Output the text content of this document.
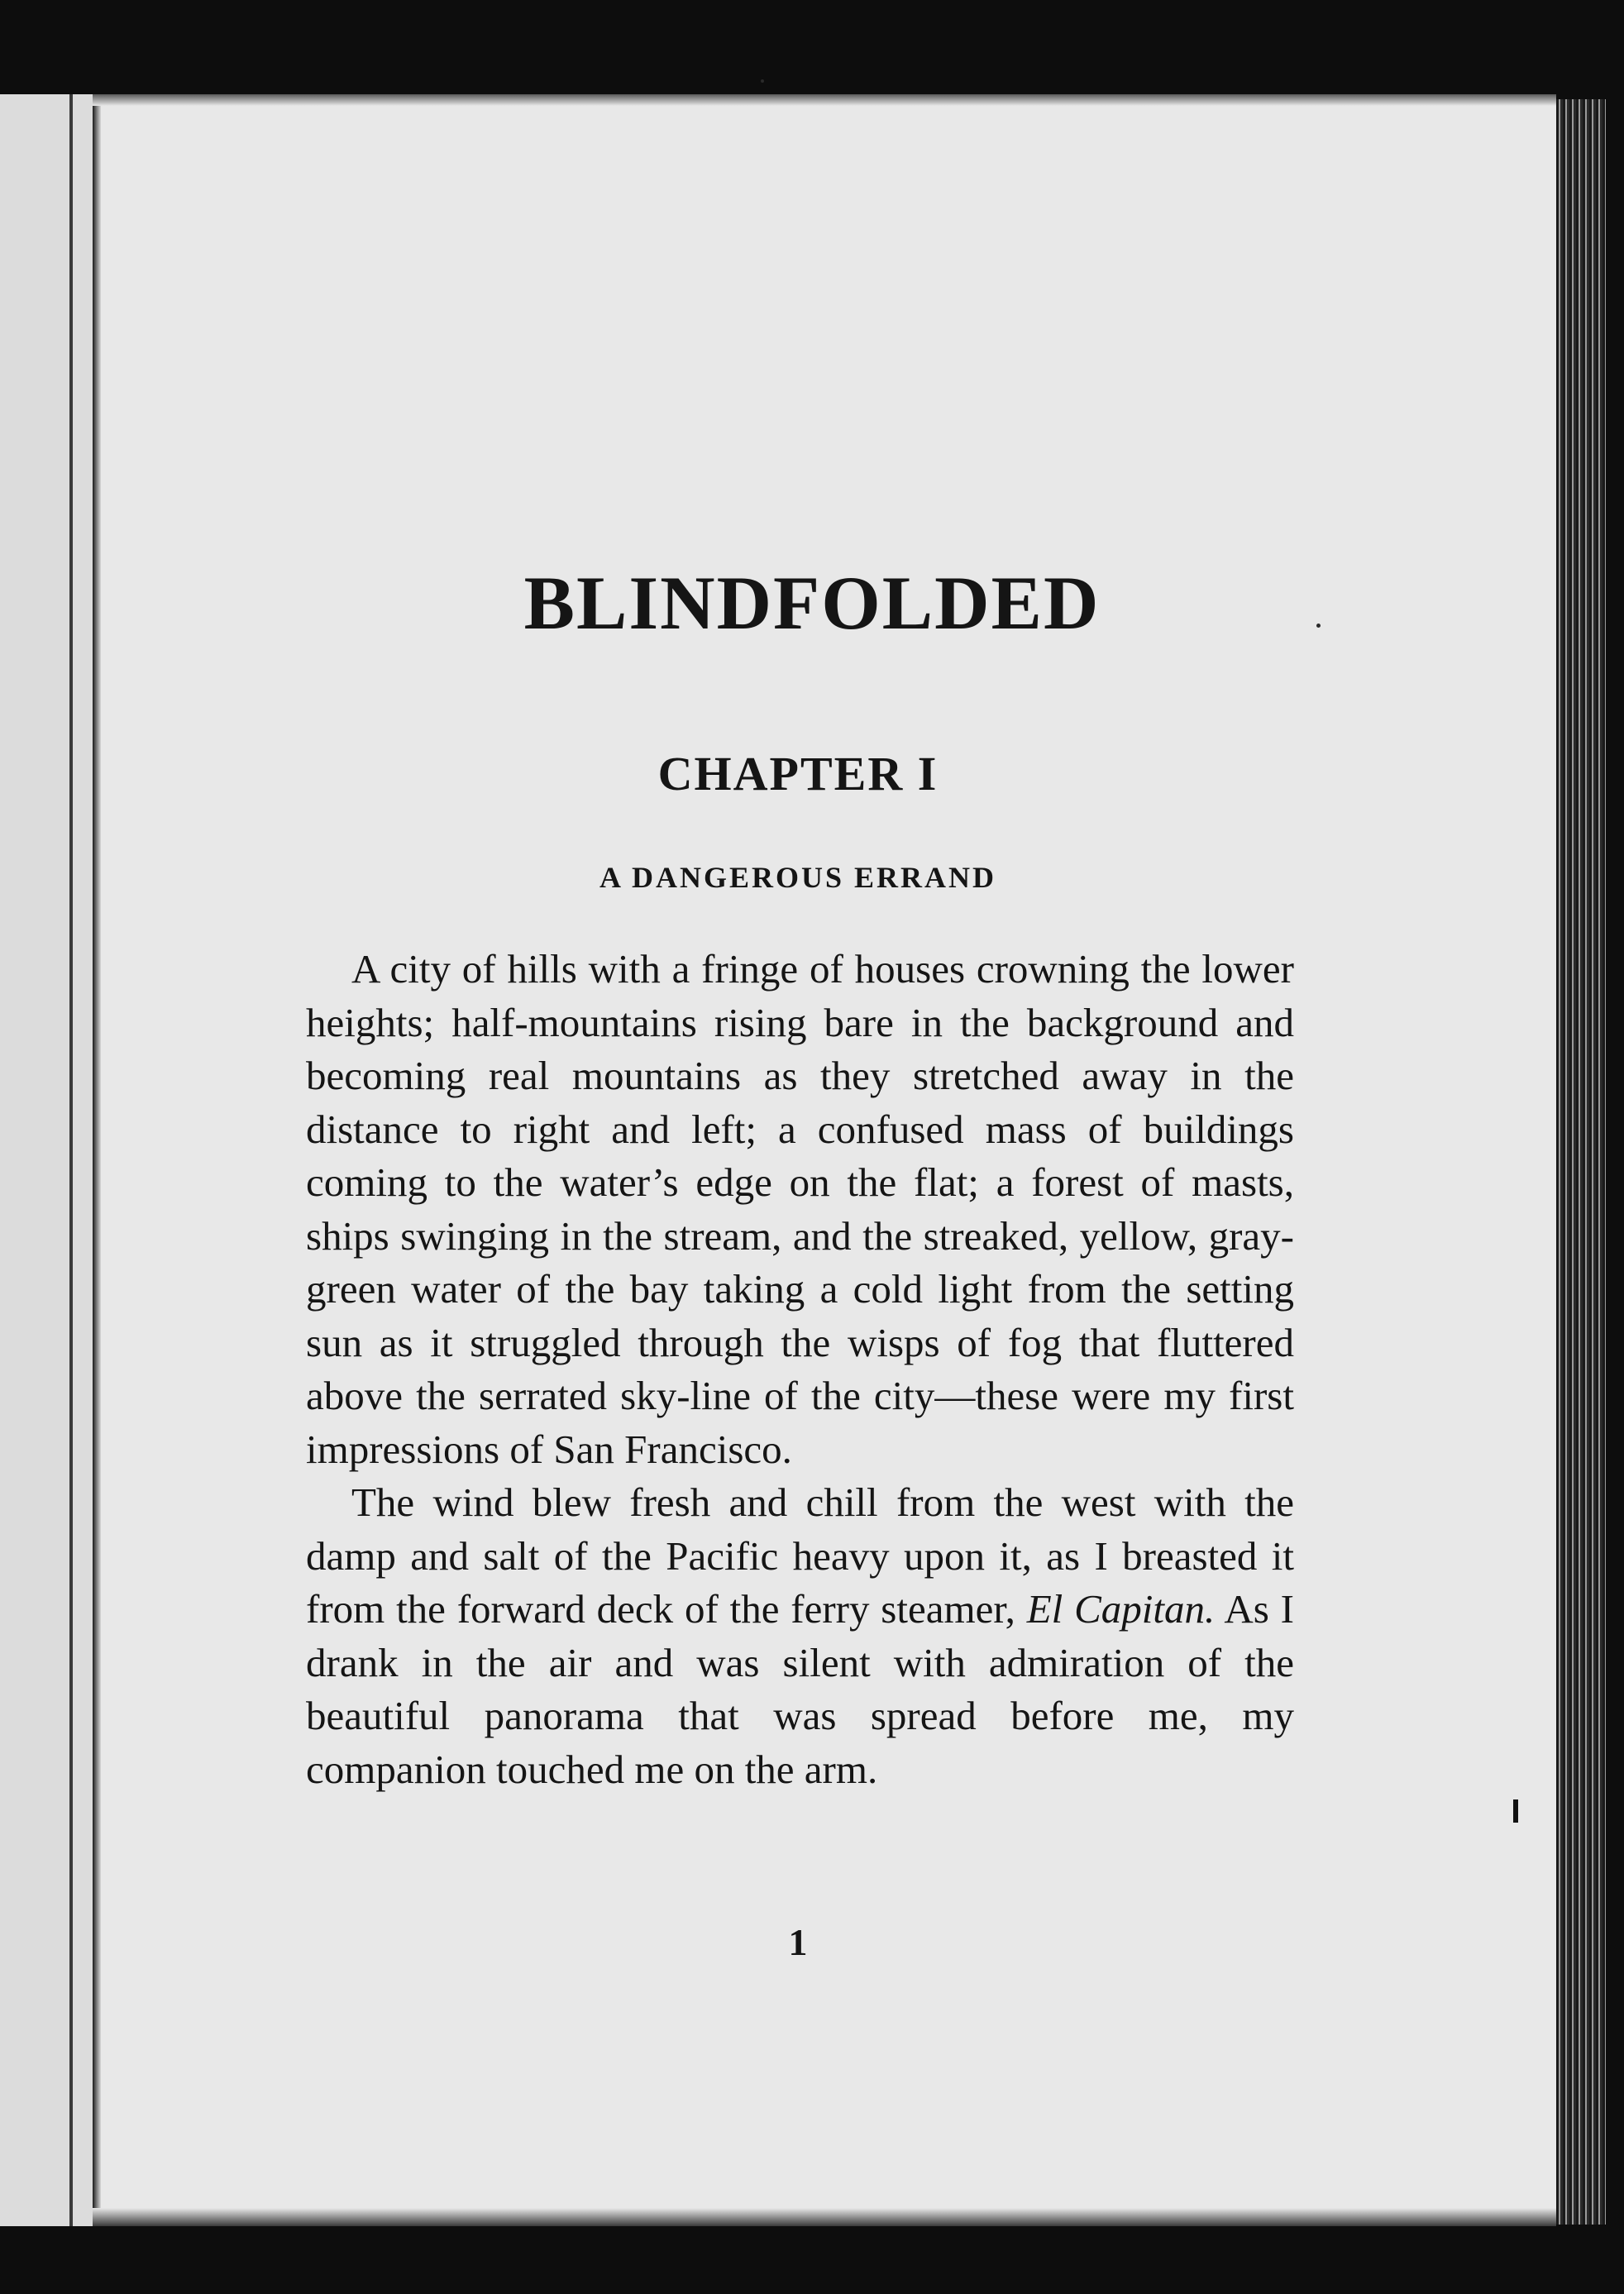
BLINDFOLDED
CHAPTER I
A DANGEROUS ERRAND

A city of hills with a fringe of houses crowning the lower heights; half-mountains rising bare in the background and becoming real mountains as they stretched away in the distance to right and left; a confused mass of buildings coming to the water’s edge on the flat; a forest of masts, ships swinging in the stream, and the streaked, yellow, gray-green water of the bay taking a cold light from the setting sun as it struggled through the wisps of fog that fluttered above the serrated sky-line of the city—these were my first impressions of San Francisco.

The wind blew fresh and chill from the west with the damp and salt of the Pacific heavy upon it, as I breasted it from the forward deck of the ferry steamer, El Capitan. As I drank in the air and was silent with admiration of the beautiful panorama that was spread before me, my companion touched me on the arm.

1
